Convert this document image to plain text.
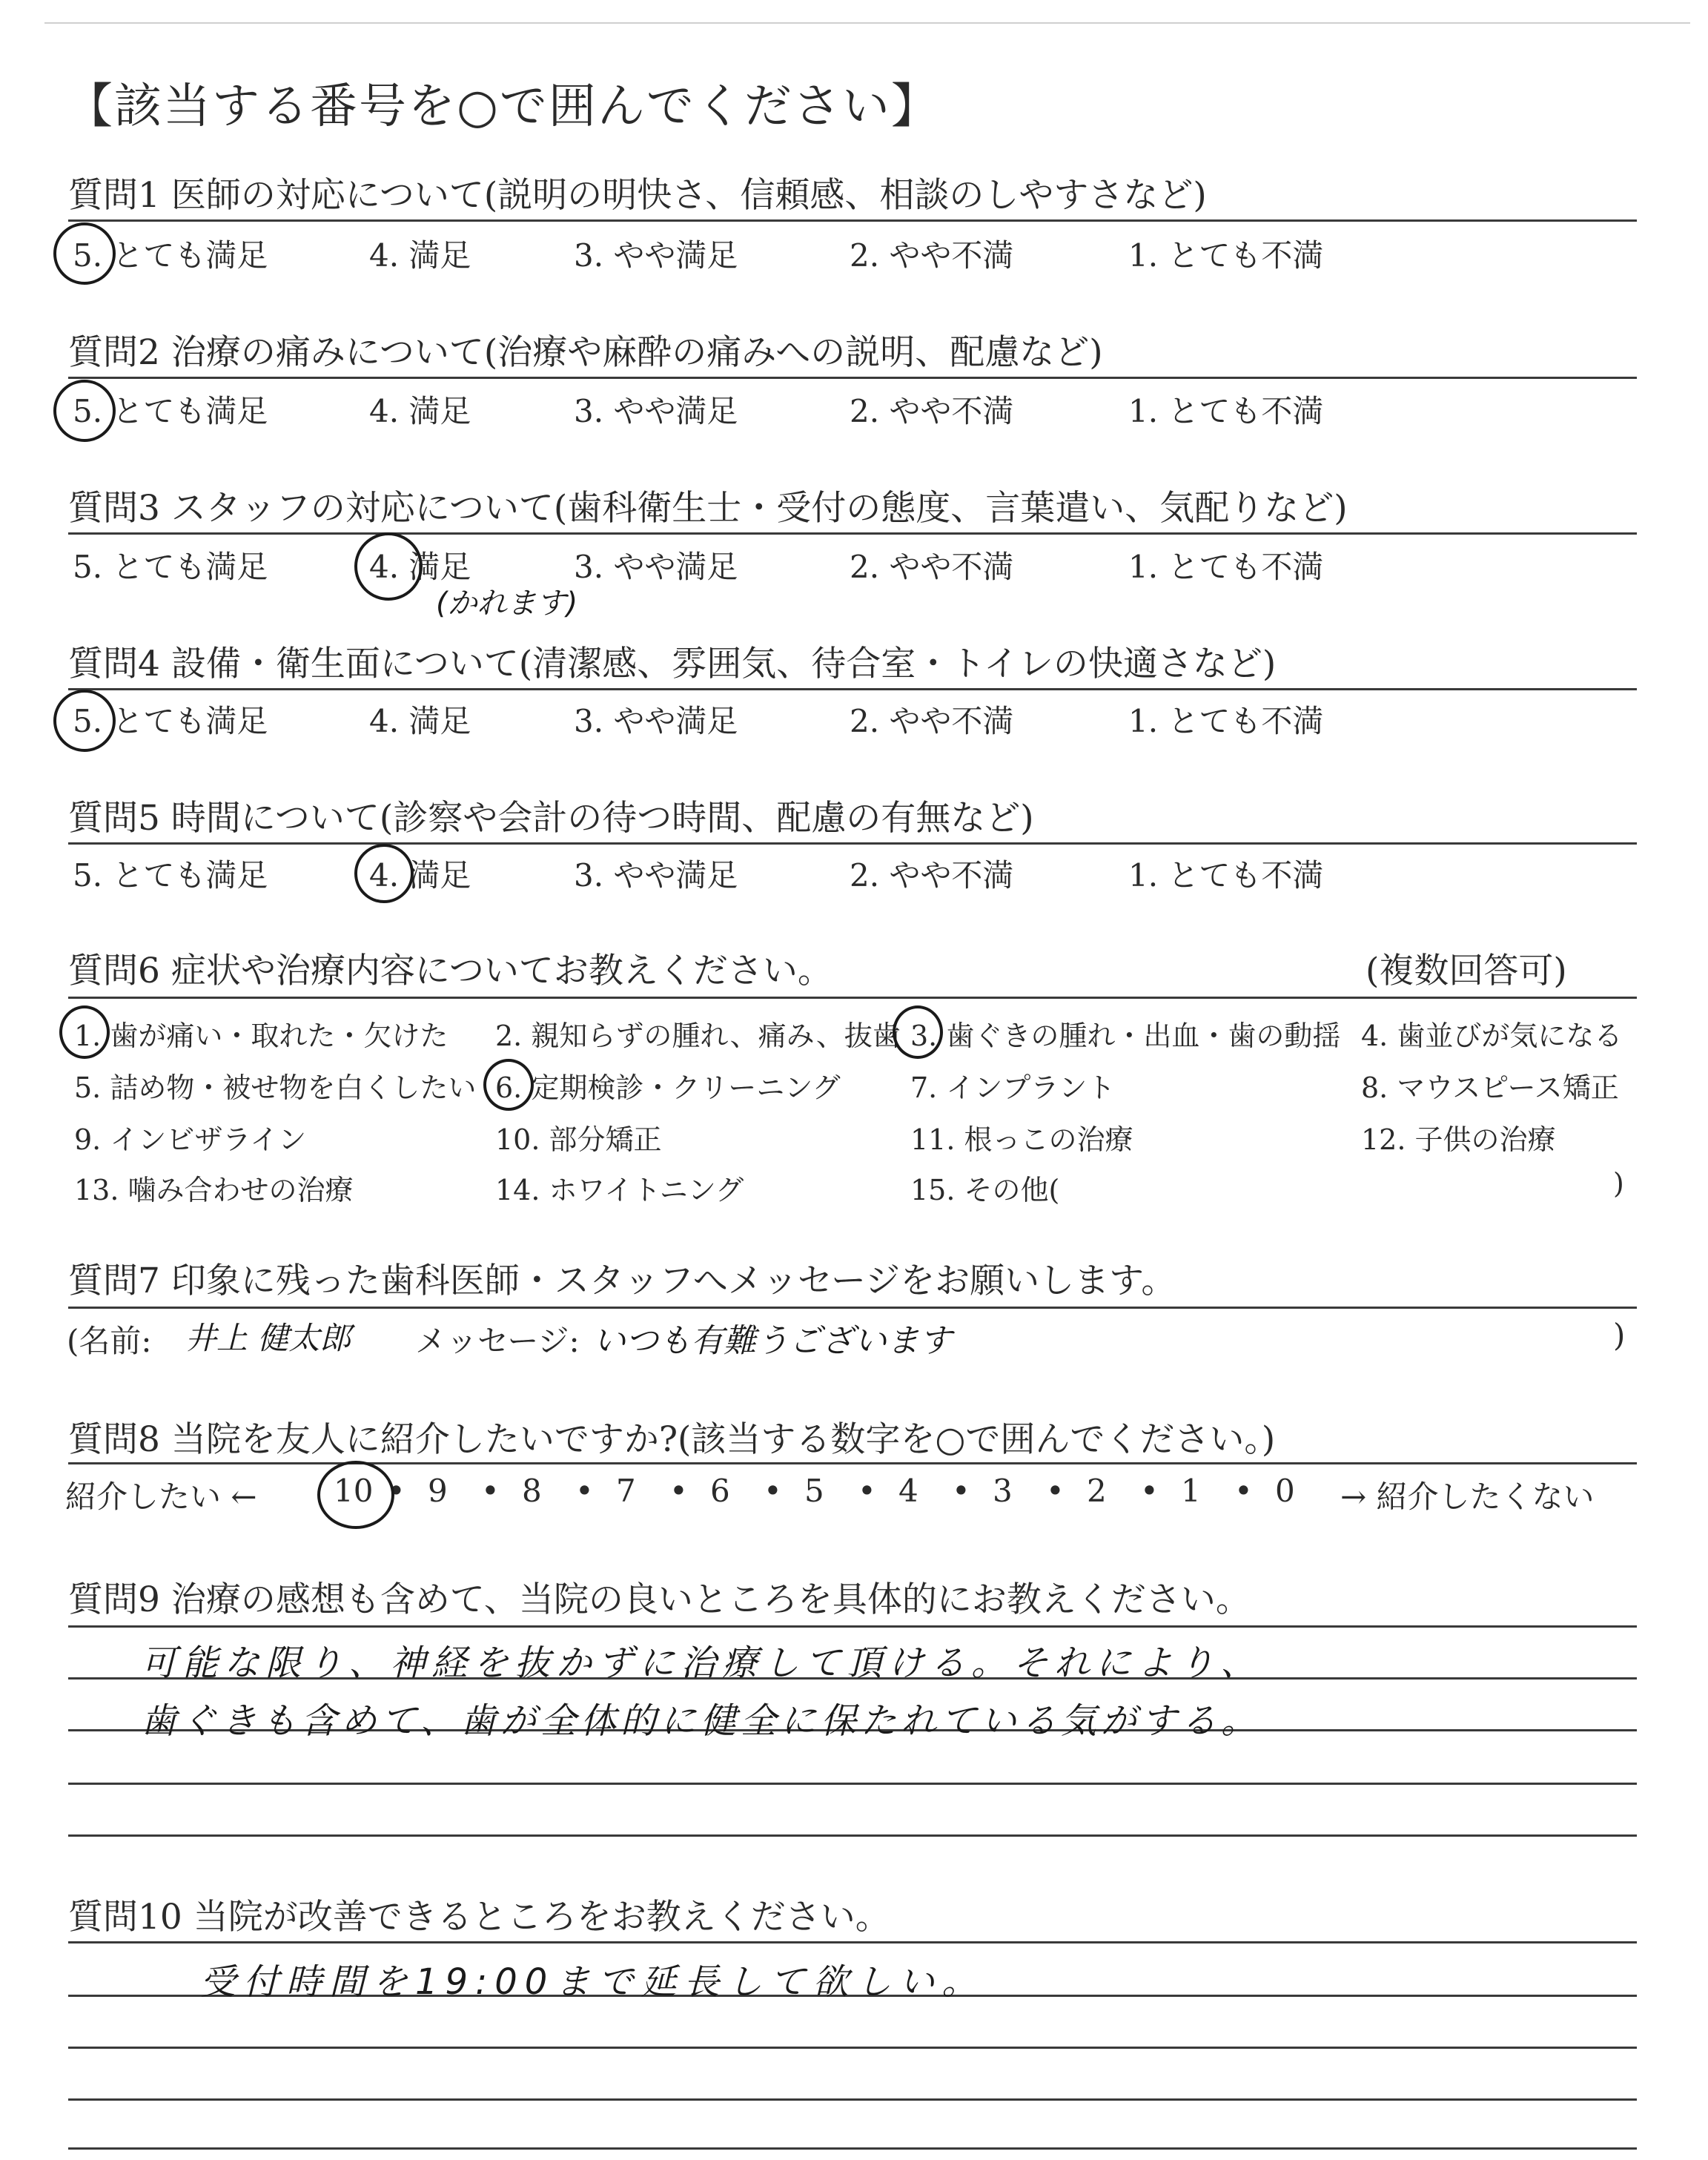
【該当する番号を○で囲んでください】
質問1 医師の対応について(説明の明快さ、信頼感、相談のしやすさなど)
5. とても満足	4. 満足	3. やや満足	2. やや不満	1. とても不満
質問2 治療の痛みについて(治療や麻酔の痛みへの説明、配慮など)
5. とても満足	4. 満足	3. やや満足	2. やや不満	1. とても不満
質問3 スタッフの対応について(歯科衛生士・受付の態度、言葉遣い、気配りなど)
5. とても満足	4. 満足	3. やや満足	2. やや不満	1. とても不満
(かれます)
質問4 設備・衛生面について(清潔感、雰囲気、待合室・トイレの快適さなど)
5. とても満足	4. 満足	3. やや満足	2. やや不満	1. とても不満
質問5 時間について(診察や会計の待つ時間、配慮の有無など)
5. とても満足	4. 満足	3. やや満足	2. やや不満	1. とても不満
質問6 症状や治療内容についてお教えください。	(複数回答可)
1. 歯が痛い・取れた・欠けた 2. 親知らずの腫れ、痛み、抜歯 3. 歯ぐきの腫れ・出血・歯の動揺 4. 歯並びが気になる
5. 詰め物・被せ物を白くしたい 6. 定期検診・クリーニング 7. インプラント	8. マウスピース矯正
9. インビザライン	10. 部分矯正	11. 根っこの治療	12. 子供の治療
13. 噛み合わせの治療	14. ホワイトニング	15. その他(	)
質問7 印象に残った歯科医師・スタッフへメッセージをお願いします。
(名前: 井上 健太郎 メッセージ: いつも有難うございます	)
質問8 当院を友人に紹介したいですか?(該当する数字を○で囲んでください。)
紹介したい ←	→ 紹介したくない
10 • 9 • 8 • 7 • 6 • 5 • 4 • 3 • 2 • 1 • 0
質問9 治療の感想も含めて、当院の良いところを具体的にお教えください。
可能な限り、神経を抜かずに治療して頂ける。それにより、
歯ぐきも含めて、歯が全体的に健全に保たれている気がする。
質問10 当院が改善できるところをお教えください。
受付時間を19:00まで延長して欲しい。
